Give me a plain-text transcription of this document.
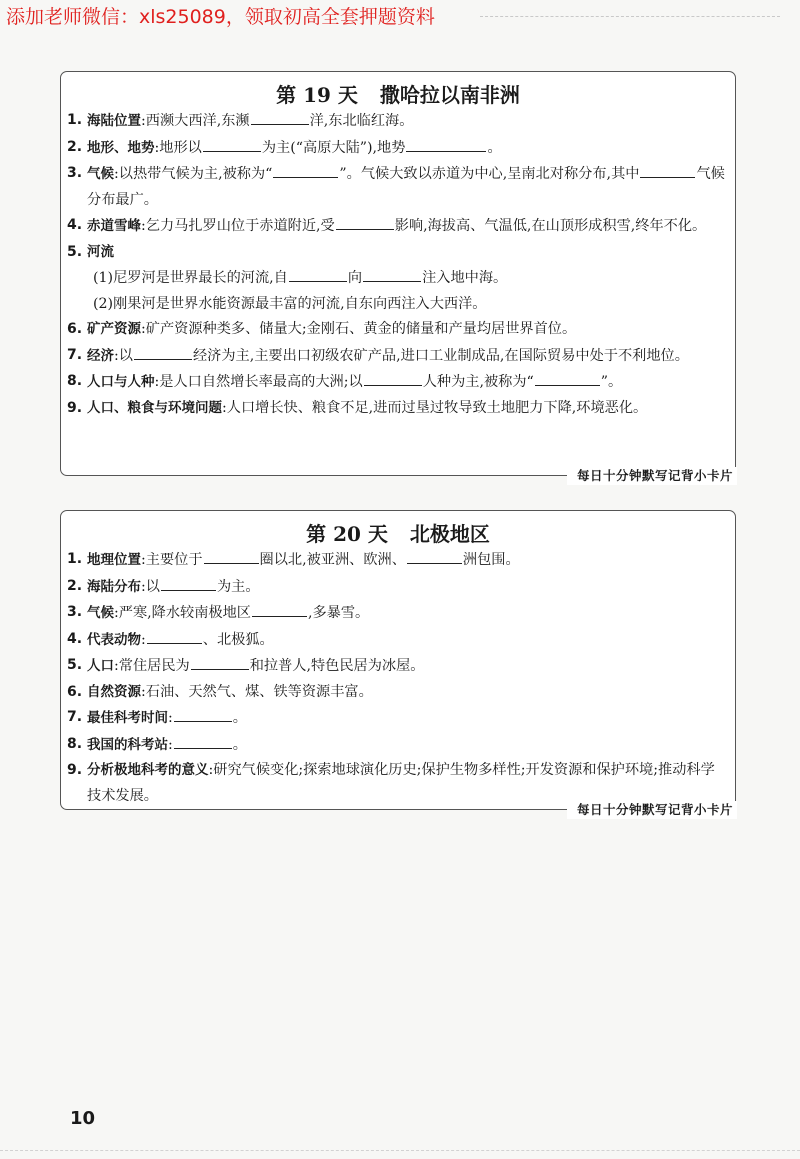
添加老师微信：xls25089，领取初高全套押题资料
第 19 天 撒哈拉以南非洲
1. 海陆位置:西濒大西洋,东濒	洋,东北临红海。
2. 地形、地势:地形以	为主(“高原大陆”),地势	。
3. 气候:以热带气候为主,被称为“	”。气候大致以赤道为中心,呈南北对称分布,其中	气候分布最广。
4. 赤道雪峰:乞力马扎罗山位于赤道附近,受	影响,海拔高、气温低,在山顶形成积雪,终年不化。
5. 河流
(1)尼罗河是世界最长的河流,自	向	注入地中海。
(2)刚果河是世界水能资源最丰富的河流,自东向西注入大西洋。
6. 矿产资源:矿产资源种类多、储量大;金刚石、黄金的储量和产量均居世界首位。
7. 经济:以	经济为主,主要出口初级农矿产品,进口工业制成品,在国际贸易中处于不利地位。
8. 人口与人种:是人口自然增长率最高的大洲;以	人种为主,被称为“	”。
9. 人口、粮食与环境问题:人口增长快、粮食不足,进而过垦过牧导致土地肥力下降,环境恶化。
每日十分钟默写记背小卡片
第 20 天 北极地区
1. 地理位置:主要位于	圈以北,被亚洲、欧洲、	洲包围。
2. 海陆分布:以	为主。
3. 气候:严寒,降水较南极地区	,多暴雪。
4. 代表动物:	、北极狐。
5. 人口:常住居民为	和拉普人,特色民居为冰屋。
6. 自然资源:石油、天然气、煤、铁等资源丰富。
7. 最佳科考时间:	。
8. 我国的科考站:	。
9. 分析极地科考的意义:研究气候变化;探索地球演化历史;保护生物多样性;开发资源和保护环境;推动科学技术发展。
每日十分钟默写记背小卡片
10
